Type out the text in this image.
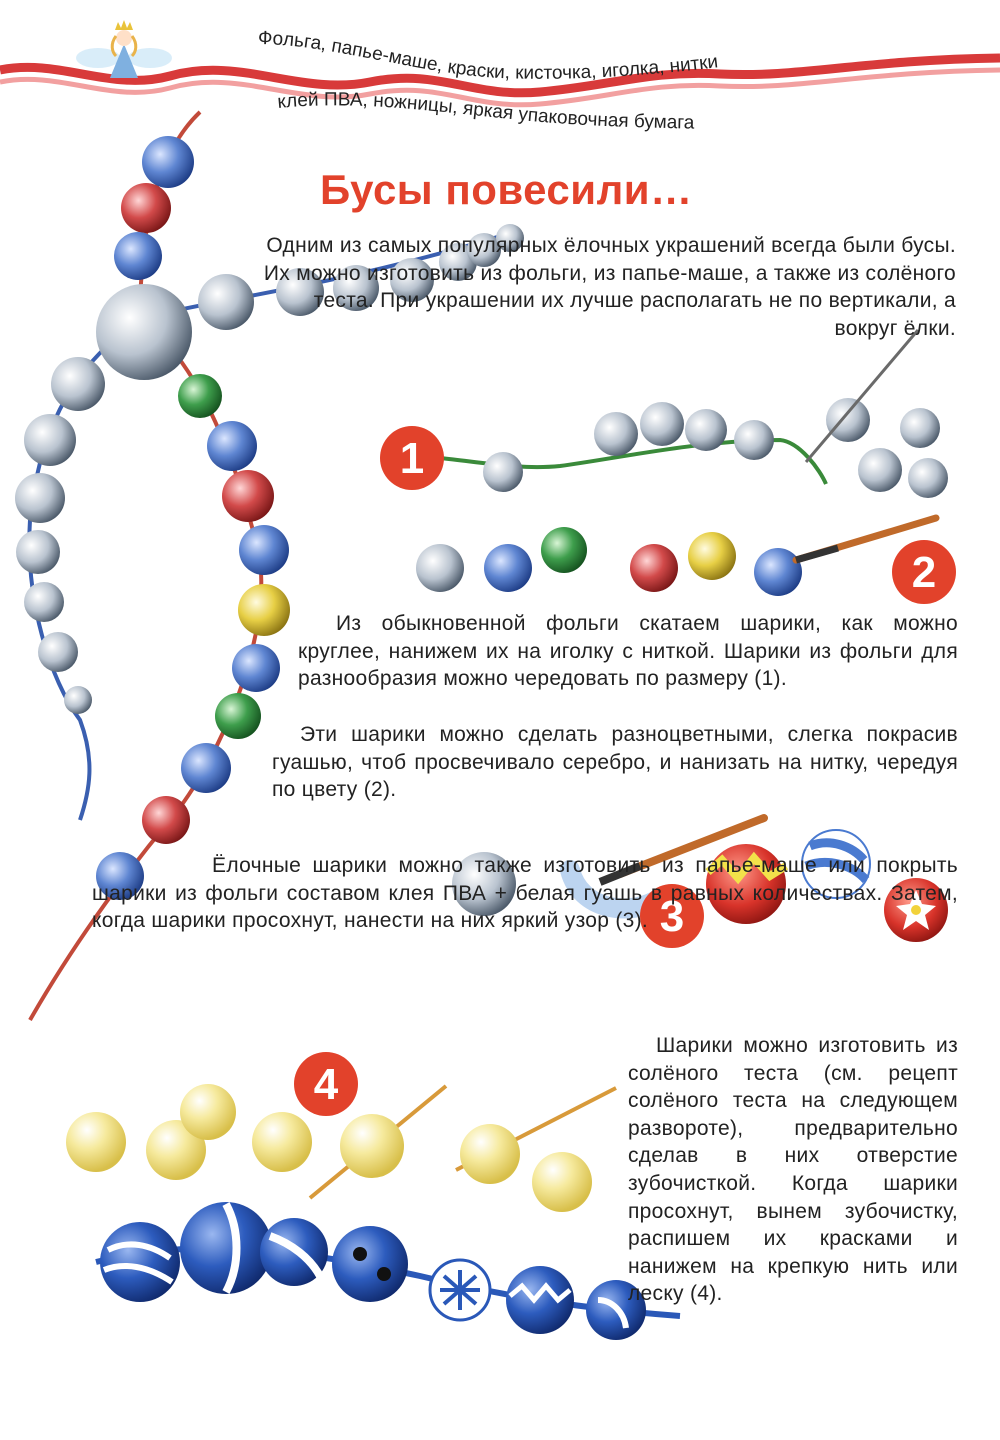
Фольга, папье-маше, краски, кисточка, иголка, нитки
клей ПВА, ножницы, яркая упаковочная бумага
1
2
3
4
Бусы повесили…

Одним из самых популярных ёлочных украшений всегда были бусы. Их можно изготовить из фольги, из папье-маше, а также из солёного теста. При украшении их лучше располагать не по вертикали, а вокруг ёлки.

Из обыкновенной фольги скатаем шарики, как можно круглее, нанижем их на иголку с ниткой. Шарики из фольги для разнообразия можно чередовать по размеру (1).

Эти шарики можно сделать разноцветными, слегка покрасив гуашью, чтоб просвечивало серебро, и нанизать на нитку, чередуя по цвету (2).

Ёлочные шарики можно также изготовить из папье-маше или покрыть шарики из фольги составом клея ПВА + белая гуашь в равных количествах. Затем, когда шарики просохнут, нанести на них яркий узор (3).

Шарики можно изготовить из солёного теста (см. рецепт солёного теста на следующем развороте), предварительно сделав в них отверстие зубочисткой. Когда шарики просохнут, вынем зубочистку, распишем их красками и нанижем на крепкую нить или леску (4).
